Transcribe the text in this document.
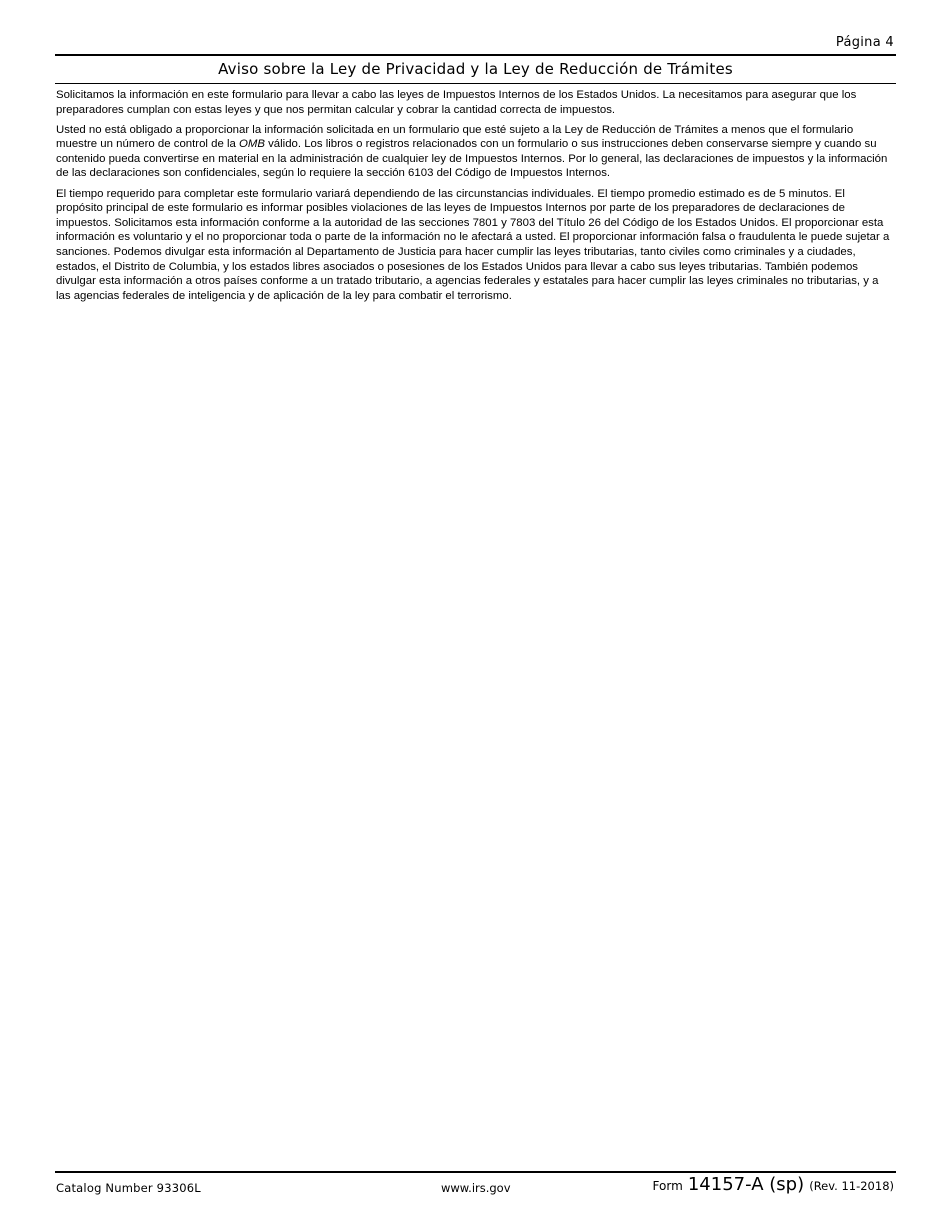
Página 4
Aviso sobre la Ley de Privacidad y la Ley de Reducción de Trámites

Solicitamos la información en este formulario para llevar a cabo las leyes de Impuestos Internos de los Estados Unidos. La necesitamos para asegurar que los preparadores cumplan con estas leyes y que nos permitan calcular y cobrar la cantidad correcta de impuestos.

Usted no está obligado a proporcionar la información solicitada en un formulario que esté sujeto a la Ley de Reducción de Trámites a menos que el formulario muestre un número de control de la OMB válido. Los libros o registros relacionados con un formulario o sus instrucciones deben conservarse siempre y cuando su contenido pueda convertirse en material en la administración de cualquier ley de Impuestos Internos. Por lo general, las declaraciones de impuestos y la información de las declaraciones son confidenciales, según lo requiere la sección 6103 del Código de Impuestos Internos.

El tiempo requerido para completar este formulario variará dependiendo de las circunstancias individuales. El tiempo promedio estimado es de 5 minutos. El propósito principal de este formulario es informar posibles violaciones de las leyes de Impuestos Internos por parte de los preparadores de declaraciones de impuestos. Solicitamos esta información conforme a la autoridad de las secciones 7801 y 7803 del Título 26 del Código de los Estados Unidos. El proporcionar esta información es voluntario y el no proporcionar toda o parte de la información no le afectará a usted. El proporcionar información falsa o fraudulenta le puede sujetar a sanciones. Podemos divulgar esta información al Departamento de Justicia para hacer cumplir las leyes tributarias, tanto civiles como criminales y a ciudades, estados, el Distrito de Columbia, y los estados libres asociados o posesiones de los Estados Unidos para llevar a cabo sus leyes tributarias. También podemos divulgar esta información a otros países conforme a un tratado tributario, a agencias federales y estatales para hacer cumplir las leyes criminales no tributarias, y a las agencias federales de inteligencia y de aplicación de la ley para combatir el terrorismo.

Catalog Number 93306L	www.irs.gov	Form 14157-A (sp) (Rev. 11-2018)
